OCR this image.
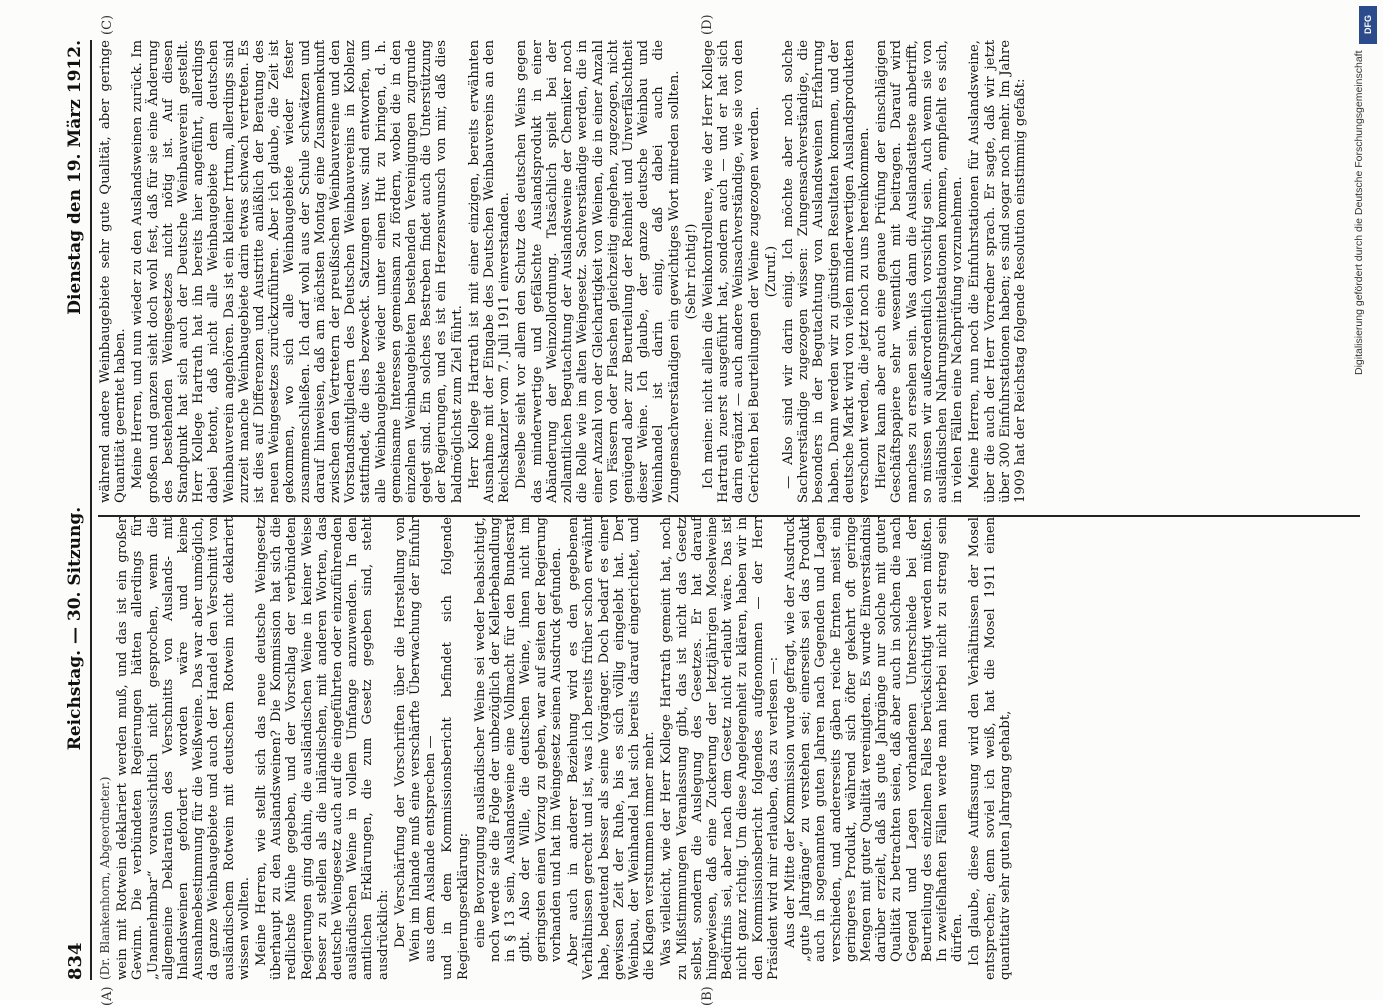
834
Reichstag. — 30. Sitzung.
Dienstag den 19. März 1912.

(Dr. Blankenhorn, Abgeordneter.) wein mit Rotwein deklariert werden muß, und das ist ein großer Gewinn. Die verbündeten Regierungen hätten allerdings für „Unannehmbar“ voraussichtlich nicht gesprochen, wenn die allgemeine Deklaration des Verschnitts von Auslands- mit Inlandsweinen gefordert worden wäre und keine Ausnahmebestimmung für die Weißweine. Das war aber unmöglich, da ganze Weinbaugebiete und auch der Handel den Verschnitt von ausländischem Rotwein mit deutschem Rotwein nicht deklariert wissen wollten. Meine Herren, wie stellt sich das neue deutsche Weingesetz überhaupt zu den Auslandsweinen? Die Kommission hat sich die redlichste Mühe gegeben, und der Vorschlag der verbündeten Regierungen ging dahin, die ausländischen Weine in keiner Weise besser zu stellen als die inländischen, mit anderen Worten, das deutsche Weingesetz auch auf die eingeführten oder einzuführenden ausländischen Weine in vollem Umfange anzuwenden. In den amtlichen Erklärungen, die zum Gesetz gegeben sind, steht ausdrücklich: Der Verschärfung der Vorschriften über die Herstellung von Wein im Inlande muß eine verschärfte Überwachung der Einfuhr aus dem Auslande entsprechen — und in dem Kommissionsbericht befindet sich folgende Regierungserklärung: eine Bevorzugung ausländischer Weine sei weder beabsichtigt, noch werde sie die Folge der unbezüglich der Kellerbehandlung in § 13 sein, Auslandsweine eine Vollmacht für den Bundesrat gibt. Also der Wille, die deutschen Weine, ihnen nicht im geringsten einen Vorzug zu geben, war auf seiten der Regierung vorhanden und hat im Weingesetz seinen Ausdruck gefunden. Aber auch in anderer Beziehung wird es den gegebenen Verhältnissen gerecht und ist, was ich bereits früher schon erwähnt habe, bedeutend besser als seine Vorgänger. Doch bedarf es einer gewissen Zeit der Ruhe, bis es sich völlig eingelebt hat. Der Weinbau, der Weinhandel hat sich bereits darauf eingerichtet, und die Klagen verstummen immer mehr. Was vielleicht, wie der Herr Kollege Hartrath gemeint hat, noch zu Mißstimmungen Veranlassung gibt, das ist nicht das Gesetz selbst, sondern die Auslegung des Gesetzes. Er hat darauf hingewiesen, daß eine Zuckerung der letztjährigen Moselweine Bedürfnis sei, aber nach dem Gesetz nicht erlaubt wäre. Das ist nicht ganz richtig. Um diese Angelegenheit zu klären, haben wir in den Kommissionsbericht folgendes aufgenommen — der Herr Präsident wird mir erlauben, das zu verlesen —: Aus der Mitte der Kommission wurde gefragt, wie der Ausdruck „gute Jahrgänge“ zu verstehen sei; einerseits sei das Produkt auch in sogenannten guten Jahren nach Gegenden und Lagen verschieden, und andererseits gäben reiche Ernten meist ein geringeres Produkt, während sich öfter gekehrt oft geringe Mengen mit guter Qualität vereinigten. Es wurde Einverständnis darüber erzielt, daß als gute Jahrgänge nur solche mit guter Qualität zu betrachten seien, daß aber auch in solchen die nach Gegend und Lagen vorhandenen Unterschiede bei der Beurteilung des einzelnen Falles berücksichtigt werden müßten. In zweifelhaften Fällen werde man hierbei nicht zu streng sein dürfen. Ich glaube, diese Auffassung wird den Verhältnissen der Mosel entsprechen; denn soviel ich weiß, hat die Mosel 1911 einen quantitativ sehr guten Jahrgang gehabt,

während andere Weinbaugebiete sehr gute Qualität, aber geringe Quantität geerntet haben. Meine Herren, und nun wieder zu den Auslandsweinen zurück. Im großen und ganzen sieht doch wohl fest, daß für sie eine Änderung des bestehenden Weingesetzes nicht nötig ist. Auf diesen Standpunkt hat sich auch der Deutsche Weinbauverein gestellt. Herr Kollege Hartrath hat ihn bereits hier angeführt, allerdings dabei betont, daß nicht alle Weinbaugebiete dem deutschen Weinbauverein angehören. Das ist ein kleiner Irrtum, allerdings sind zurzeit manche Weinbaugebiete darin etwas schwach vertreten. Es ist dies auf Differenzen und Austritte anläßlich der Beratung des neuen Weingesetzes zurückzuführen. Aber ich glaube, die Zeit ist gekommen, wo sich alle Weinbaugebiete wieder fester zusammenschließen. Ich darf wohl aus der Schule schwätzen und darauf hinweisen, daß am nächsten Montag eine Zusammenkunft zwischen den Vertretern der preußischen Weinbauvereine und den Vorstandsmitgliedern des Deutschen Weinbauvereins in Koblenz stattfindet, die dies bezweckt. Satzungen usw. sind entworfen, um alle Weinbaugebiete wieder unter einen Hut zu bringen, d. h. gemeinsame Interessen gemeinsam zu fördern, wobei die in den einzelnen Weinbaugebieten bestehenden Vereinigungen zugrunde gelegt sind. Ein solches Bestreben findet auch die Unterstützung der Regierungen, und es ist ein Herzenswunsch von mir, daß dies baldmöglichst zum Ziel führt. Herr Kollege Hartrath ist mit einer einzigen, bereits erwähnten Ausnahme mit der Eingabe des Deutschen Weinbauvereins an den Reichskanzler vom 7. Juli 1911 einverstanden. Dieselbe sieht vor allem den Schutz des deutschen Weins gegen das minderwertige und gefälschte Auslandsprodukt in einer Abänderung der Weinzollordnung. Tatsächlich spielt bei der zollamtlichen Begutachtung der Auslandsweine der Chemiker noch die Rolle wie im alten Weingesetz. Sachverständige werden, die in einer Anzahl von der Gleichartigkeit von Weinen, die in einer Anzahl von Fässern oder Flaschen gleichzeitig eingehen, zugezogen, nicht genügend aber zur Beurteilung der Reinheit und Unverfälschtheit dieser Weine. Ich glaube, der ganze deutsche Weinbau und Weinhandel ist darin einig, daß dabei auch die Zungensachverständigen ein gewichtiges Wort mitreden sollten. (Sehr richtig!) Ich meine: nicht allein die Weinkontrolleure, wie der Herr Kollege Hartrath zuerst ausgeführt hat, sondern auch — und er hat sich darin ergänzt — auch andere Weinsachverständige, wie sie von den Gerichten bei Beurteilungen der Weine zugezogen werden. (Zuruf.) — Also sind wir darin einig. Ich möchte aber noch solche Sachverständige zugezogen wissen: Zungensachverständige, die besonders in der Begutachtung von Auslandsweinen Erfahrung haben. Dann werden wir zu günstigen Resultaten kommen, und der deutsche Markt wird von vielen minderwertigen Auslandsprodukten verschont werden, die jetzt noch zu uns hereinkommen. Hierzu kann aber auch eine genaue Prüfung der einschlägigen Geschäftspapiere sehr wesentlich mit beitragen. Darauf wird manches zu ersehen sein. Was dann die Auslandsatteste anbetrifft, so müssen wir außerordentlich vorsichtig sein. Auch wenn sie von ausländischen Nahrungsmittelstationen kommen, empfiehlt es sich, in vielen Fällen eine Nachprüfung vorzunehmen. Meine Herren, nun noch die Einfuhrstationen für Auslandsweine, über die auch der Herr Vorredner sprach. Er sagte, daß wir jetzt über 300 Einfuhrstationen haben; es sind sogar noch mehr. Im Jahre 1909 hat der Reichstag folgende Resolution einstimmig gefaßt:

(A)	(B)
(C)	(D)	DFG
Digitalisierung gefördert durch die Deutsche Forschungsgemeinschaft
